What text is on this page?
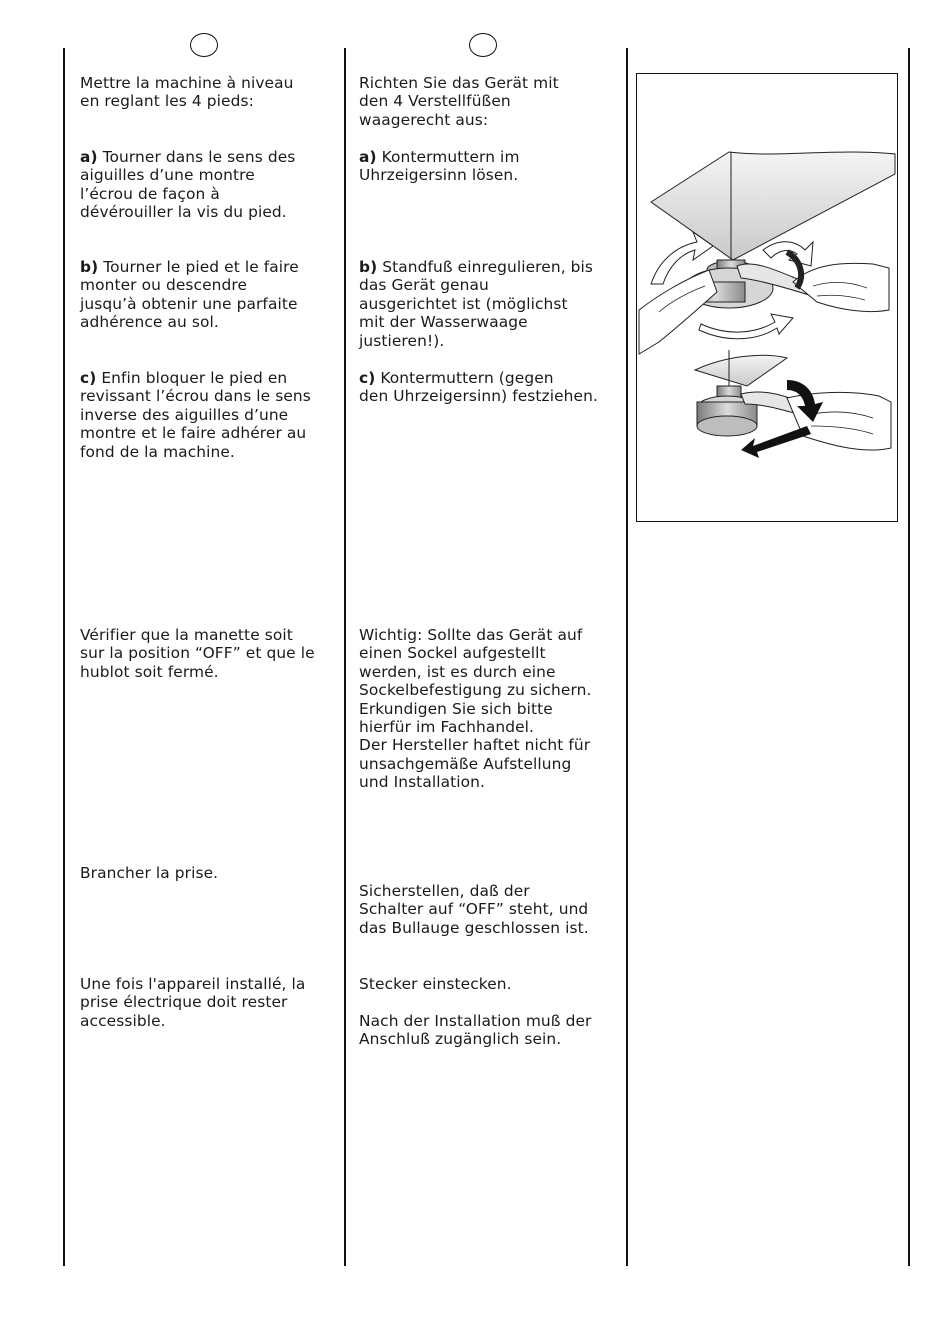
Mettre la machine à niveau
en reglant les 4 pieds:

a) Tourner dans le sens des
aiguilles d’une montre
l’écrou de façon à
dévérouiller la vis du pied.

b) Tourner le pied et le faire
monter ou descendre
jusqu’à obtenir une parfaite
adhérence au sol.

c) Enfin bloquer le pied en
revissant l’écrou dans le sens
inverse des aiguilles d’une
montre et le faire adhérer au
fond de la machine.

Vérifier que la manette soit
sur la position “OFF” et que le
hublot soit fermé.

Brancher la prise.

Une fois l'appareil installé, la
prise électrique doit rester
accessible.

Richten Sie das Gerät mit
den 4 Verstellfüßen
waagerecht aus:

a) Kontermuttern im
Uhrzeigersinn lösen.

b) Standfuß einregulieren, bis
das Gerät genau
ausgerichtet ist (möglichst
mit der Wasserwaage
justieren!).

c) Kontermuttern (gegen
den Uhrzeigersinn) festziehen.

Wichtig: Sollte das Gerät auf
einen Sockel aufgestellt
werden, ist es durch eine
Sockelbefestigung zu sichern.
Erkundigen Sie sich bitte
hierfür im Fachhandel.
Der Hersteller haftet nicht für
unsachgemäße Aufstellung
und Installation.

Sicherstellen, daß der
Schalter auf “OFF” steht, und
das Bullauge geschlossen ist.

Stecker einstecken.

Nach der Installation muß der
Anschluß zugänglich sein.
